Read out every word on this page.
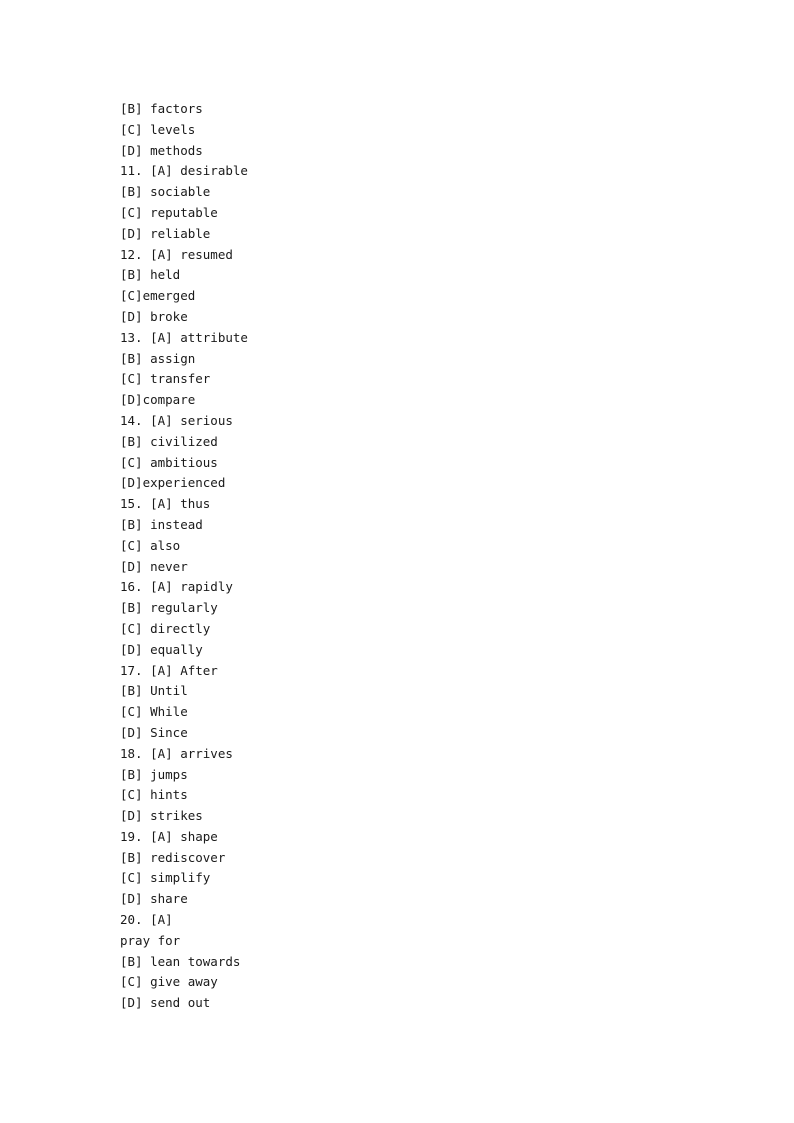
[B] factors

[C] levels

[D] methods

11. [A] desirable

[B] sociable

[C] reputable

[D] reliable

12. [A] resumed

[B] held

[C]emerged

[D] broke

13. [A] attribute

[B] assign

[C] transfer

[D]compare

14. [A] serious

[B] civilized

[C] ambitious

[D]experienced

15. [A] thus

[B] instead

[C] also

[D] never

16. [A] rapidly

[B] regularly

[C] directly

[D] equally

17. [A] After

[B] Until

[C] While

[D] Since

18. [A] arrives

[B] jumps

[C] hints

[D] strikes

19. [A] shape

[B] rediscover

[C] simplify

[D] share

20. [A]

pray for

[B] lean towards

[C] give away

[D] send out
